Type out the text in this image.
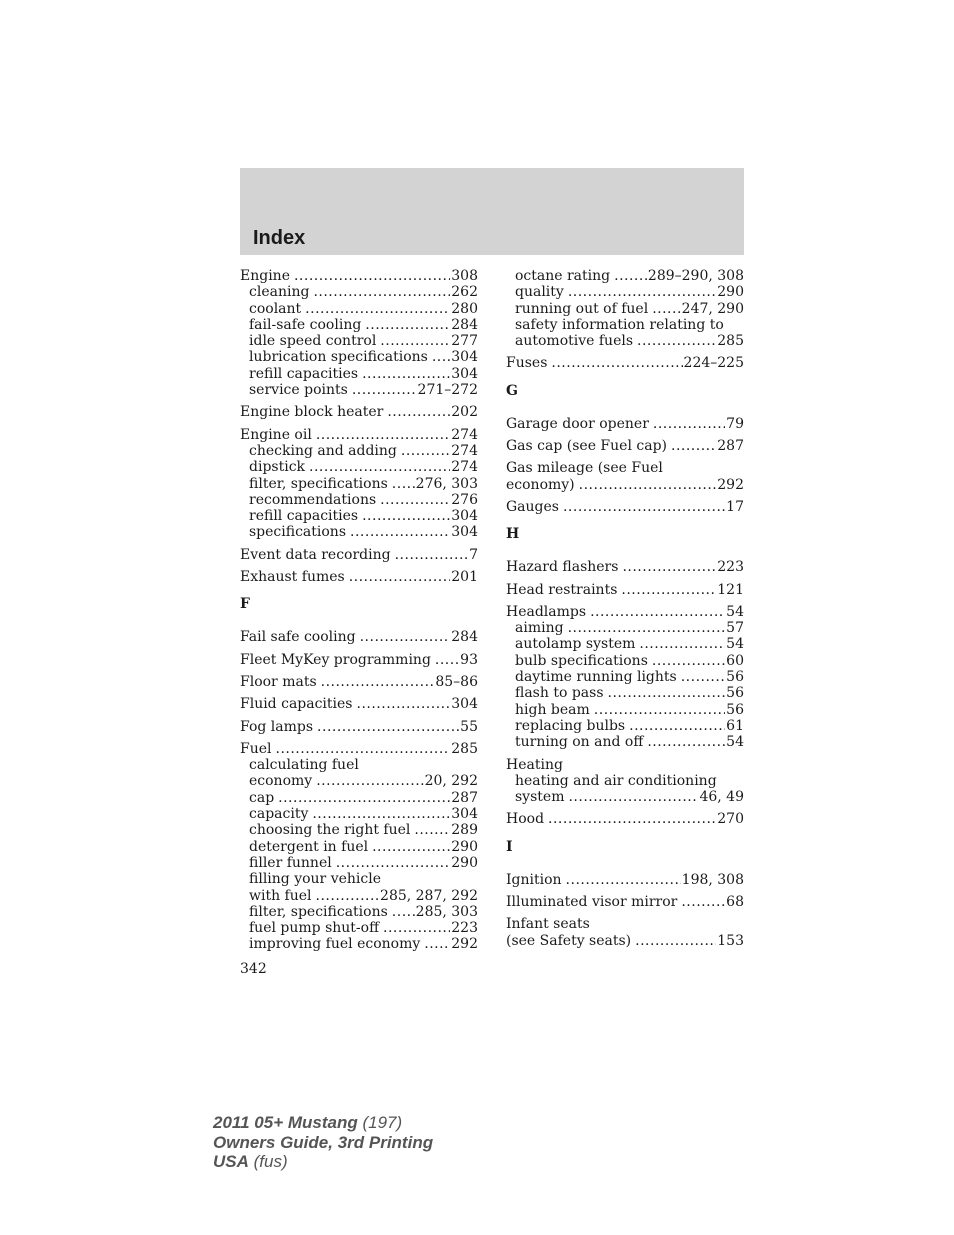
Index
Engine .....	308
cleaning .....	262
coolant .....	280
fail-safe cooling .....	284
idle speed control .....	277
lubrication specifications ..... 304
refill capacities .....	304
service points .....	271–272
Engine block heater .....	202
Engine oil .....	274
checking and adding .....	274
dipstick .....	274
filter, specifications ..... 276, 303
recommendations .....	276
refill capacities .....	304
specifications .....	304
Event data recording .....	7
Exhaust fumes .....	201
F
Fail safe cooling .....	284
Fleet MyKey programming ..... 93
Floor mats .....	85–86
Fluid capacities .....	304
Fog lamps .....	55
Fuel .....	285
calculating fuel
economy .....	20, 292
cap .....	287
capacity .....	304
choosing the right fuel .....	289
detergent in fuel .....	290
filler funnel .....	290
filling your vehicle
with fuel .....	285, 287, 292
filter, specifications ..... 285, 303
fuel pump shut-off .....	223
improving fuel economy ..... 292
octane rating .....	289–290, 308
quality .....	290
running out of fuel ..... 247, 290
safety information relating to
automotive fuels .....	285
Fuses .....	224–225
G
Garage door opener .....	79
Gas cap (see Fuel cap) .....	287
Gas mileage (see Fuel
economy) .....	292
Gauges .....	17
H
Hazard flashers .....	223
Head restraints .....	121
Headlamps .....	54
aiming .....	57
autolamp system .....	54
bulb specifications .....	60
daytime running lights .....	56
flash to pass .....	56
high beam .....	56
replacing bulbs .....	61
turning on and off .....	54
Heating
heating and air conditioning
system .....	46, 49
Hood .....	270
I
Ignition .....	198, 308
Illuminated visor mirror .....	68
Infant seats
(see Safety seats) .....	153
342
2011 05+ Mustang (197)
Owners Guide, 3rd Printing
USA (fus)
